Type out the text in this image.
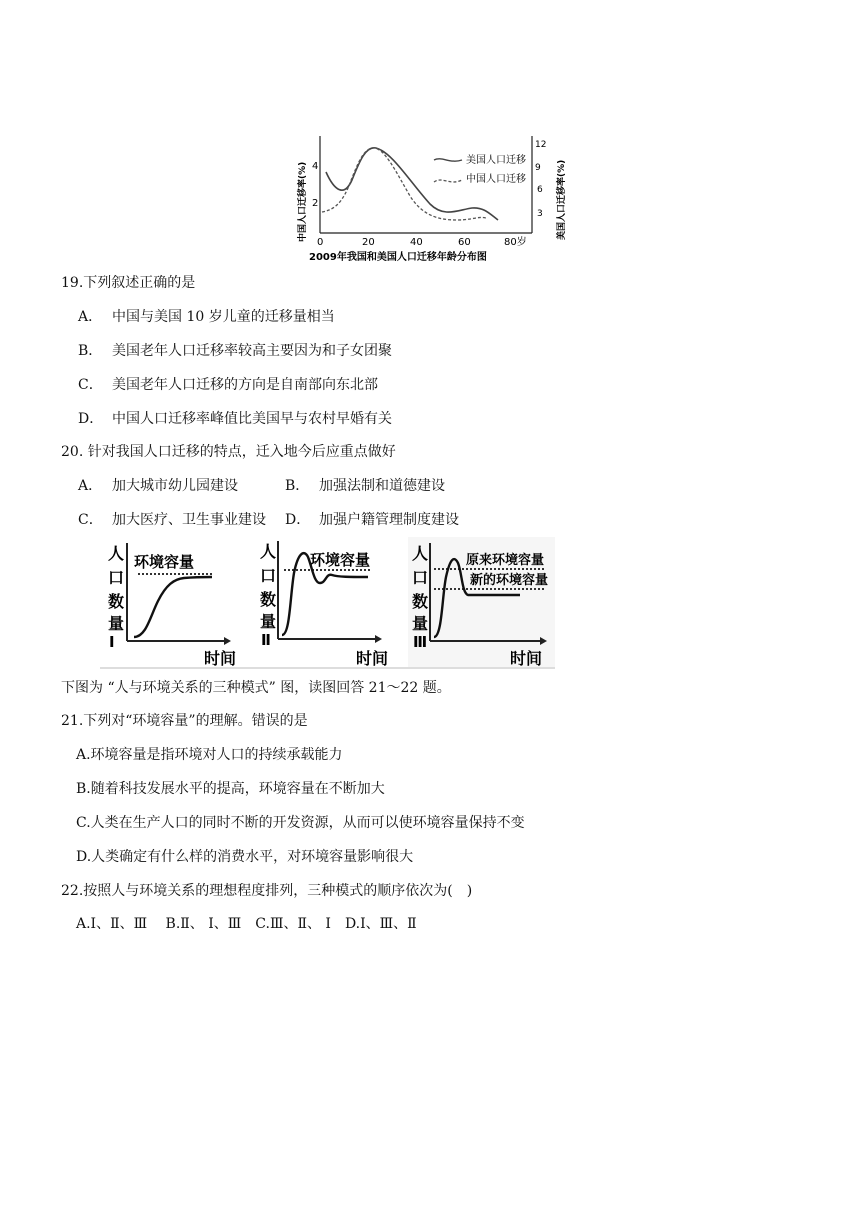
中国人口迁移率(%)	美国人口迁移率(%)
4
2
12
9
6
3
0	20	40	60	80岁
美国人口迁移
中国人口迁移
2009年我国和美国人口迁移年龄分布图
19.下列叙述正确的是
A． 中国与美国 10 岁儿童的迁移量相当
B． 美国老年人口迁移率较高主要因为和子女团聚
C． 美国老年人口迁移的方向是自南部向东北部
D． 中国人口迁移率峰值比美国早与农村早婚有关
20. 针对我国人口迁移的特点，迁入地今后应重点做好
A． 加大城市幼儿园建设	B． 加强法制和道德建设
C． 加大医疗、卫生事业建设 D． 加强户籍管理制度建设
人
口
数
量
Ⅰ
时间
环境容量
人
口
数
量
Ⅱ
时间
环境容量	人
口
数
量
Ⅲ
时间
原来环境容量
新的环境容量
下图为 “人与环境关系的三种模式” 图，读图回答 21～22 题。
21.下列对“环境容量”的理解。错误的是
A.环境容量是指环境对人口的持续承载能力
B.随着科技发展水平的提高，环境容量在不断加大
C.人类在生产人口的同时不断的开发资源，从而可以使环境容量保持不变
D.人类确定有什么样的消费水平，对环境容量影响很大
22.按照人与环境关系的理想程度排列，三种模式的顺序依次为(　)
A.Ⅰ、Ⅱ、Ⅲ　 B.Ⅱ、 Ⅰ、Ⅲ　C.Ⅲ、Ⅱ、 Ⅰ　D.Ⅰ、Ⅲ、Ⅱ
